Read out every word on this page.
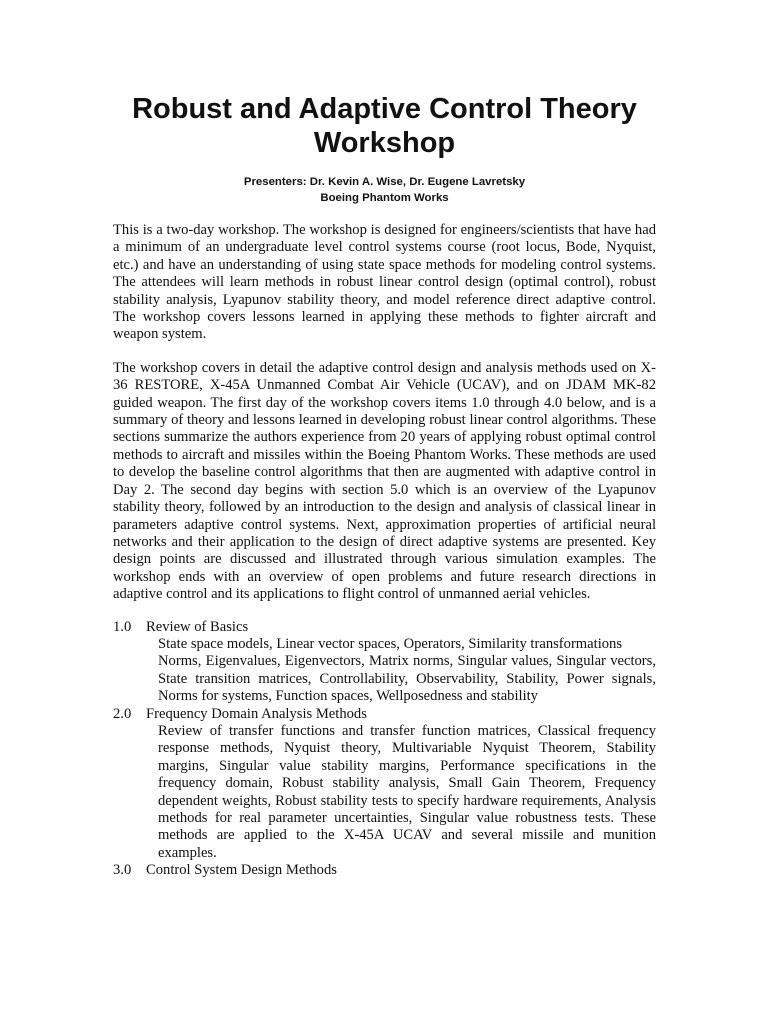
Robust and Adaptive Control Theory
Workshop
Presenters: Dr. Kevin A. Wise, Dr. Eugene Lavretsky
Boeing Phantom Works

This is a two-day workshop. The workshop is designed for engineers/scientists that have had a minimum of an undergraduate level control systems course (root locus, Bode, Nyquist, etc.) and have an understanding of using state space methods for modeling control systems. The attendees will learn methods in robust linear control design (optimal control), robust stability analysis, Lyapunov stability theory, and model reference direct adaptive control. The workshop covers lessons learned in applying these methods to fighter aircraft and weapon system.

The workshop covers in detail the adaptive control design and analysis methods used on X-36 RESTORE, X-45A Unmanned Combat Air Vehicle (UCAV), and on JDAM MK-82 guided weapon. The first day of the workshop covers items 1.0 through 4.0 below, and is a summary of theory and lessons learned in developing robust linear control algorithms. These sections summarize the authors experience from 20 years of applying robust optimal control methods to aircraft and missiles within the Boeing Phantom Works. These methods are used to develop the baseline control algorithms that then are augmented with adaptive control in Day 2. The second day begins with section 5.0 which is an overview of the Lyapunov stability theory, followed by an introduction to the design and analysis of classical linear in parameters adaptive control systems. Next, approximation properties of artificial neural networks and their application to the design of direct adaptive systems are presented. Key design points are discussed and illustrated through various simulation examples. The workshop ends with an overview of open problems and future research directions in adaptive control and its applications to flight control of unmanned aerial vehicles.

1.0	Review of Basics
State space models, Linear vector spaces, Operators, Similarity transformations
Norms, Eigenvalues, Eigenvectors, Matrix norms, Singular values, Singular vectors, State transition matrices, Controllability, Observability, Stability, Power signals, Norms for systems, Function spaces, Wellposedness and stability
2.0	Frequency Domain Analysis Methods
Review of transfer functions and transfer function matrices, Classical frequency response methods, Nyquist theory, Multivariable Nyquist Theorem, Stability margins, Singular value stability margins, Performance specifications in the frequency domain, Robust stability analysis, Small Gain Theorem, Frequency dependent weights, Robust stability tests to specify hardware requirements, Analysis methods for real parameter uncertainties, Singular value robustness tests. These methods are applied to the X-45A UCAV and several missile and munition examples.
3.0	Control System Design Methods
